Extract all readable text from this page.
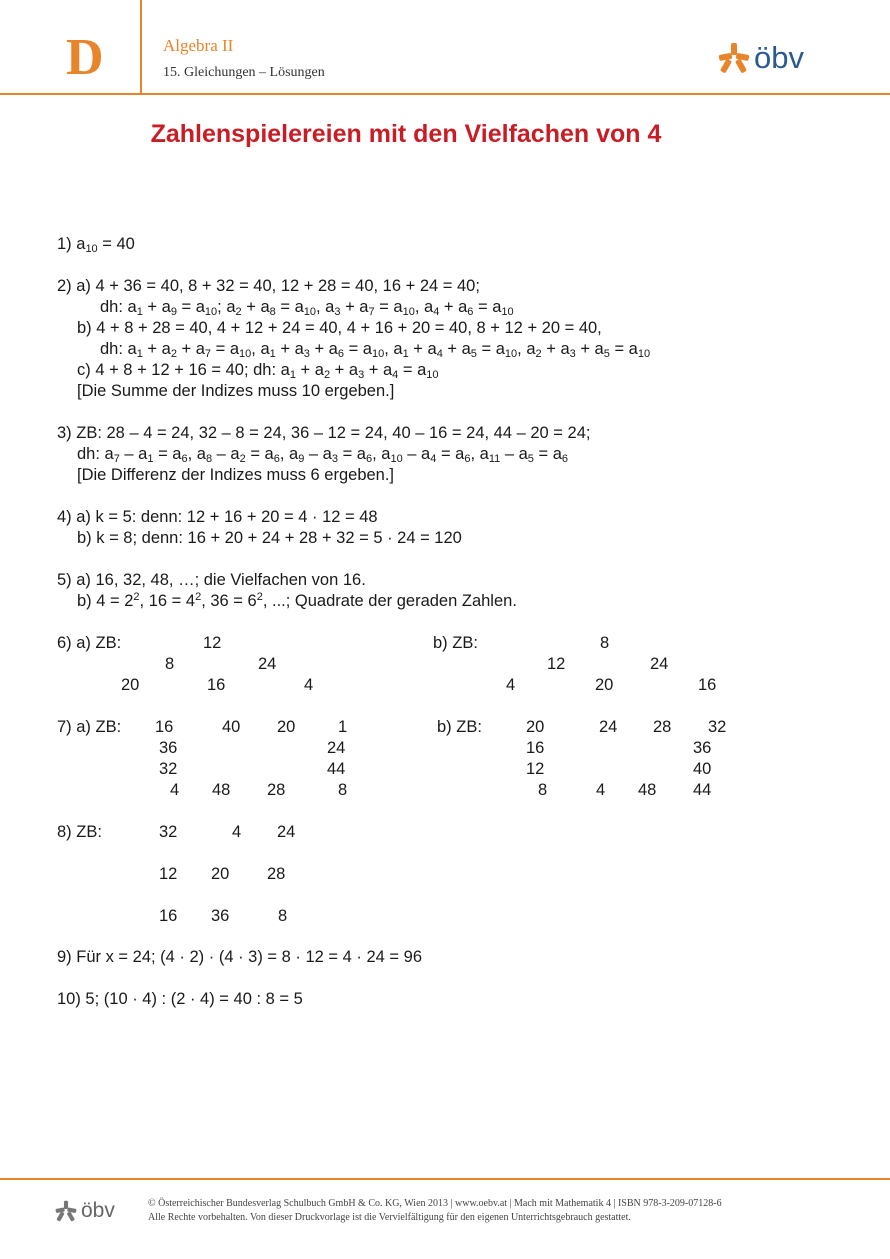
D	Algebra II
15. Gleichungen – Lösungen	öbv
Zahlenspielereien mit den Vielfachen von 4
1) $a_{10} = 40$
2) a) 4 + 36 = 40, 8 + 32 = 40, 12 + 28 = 40, 16 + 24 = 40;
dh: $a_1 + a_9 = a_{10}$; $a_2 + a_8 = a_{10}$, $a_3 + a_7 = a_{10}$, $a_4 + a_6 = a_{10}$
b) 4 + 8 + 28 = 40, 4 + 12 + 24 = 40, 4 + 16 + 20 = 40, 8 + 12 + 20 = 40,
dh: $a_1 + a_2 + a_7 = a_{10}$, $a_1 + a_3 + a_6 = a_{10}$, $a_1 + a_4 + a_5 = a_{10}$, $a_2 + a_3 + a_5 = a_{10}$
c) 4 + 8 + 12 + 16 = 40; dh: $a_1 + a_2 + a_3 + a_4 = a_{10}$
[Die Summe der Indizes muss 10 ergeben.]
3) ZB: 28 – 4 = 24, 32 – 8 = 24, 36 – 12 = 24, 40 – 16 = 24, 44 – 20 = 24;
dh: $a_7 - a_1 = a_6$, $a_8 - a_2 = a_6$, $a_9 - a_3 = a_6$, $a_{10} - a_4 = a_6$, $a_{11} - a_5 = a_6$
[Die Differenz der Indizes muss 6 ergeben.]
4) a) k = 5: denn: 12 + 16 + 20 = 4 · 12 = 48
b) k = 8; denn: 16 + 20 + 24 + 28 + 32 = 5 · 24 = 120
5) a) 16, 32, 48, …; die Vielfachen von 16.
b) $4 = 2^2$, $16 = 4^2$, $36 = 6^2$, ...; Quadrate der geraden Zahlen.
6) a) ZB:	12
8	24
20	16	4
b) ZB:	8
12	24
4	20	16
7) a) ZB: 16	40 20	1
36	24
32	44
4 48 28	8
b) ZB:	20	24 28 32
16	36
12	40
8	4 48 44
8) ZB:	32	4 24
12 20 28
16 36	8
9) Für x = 24; (4 · 2) · (4 · 3) = 8 · 12 = 4 · 24 = 96
10) 5; (10 · 4) : (2 · 4) = 40 : 8 = 5
öbv	© Österreichischer Bundesverlag Schulbuch GmbH & Co. KG, Wien 2013 | www.oebv.at | Mach mit Mathematik 4 | ISBN 978-3-209-07128-6
Alle Rechte vorbehalten. Von dieser Druckvorlage ist die Vervielfältigung für den eigenen Unterrichtsgebrauch gestattet.
